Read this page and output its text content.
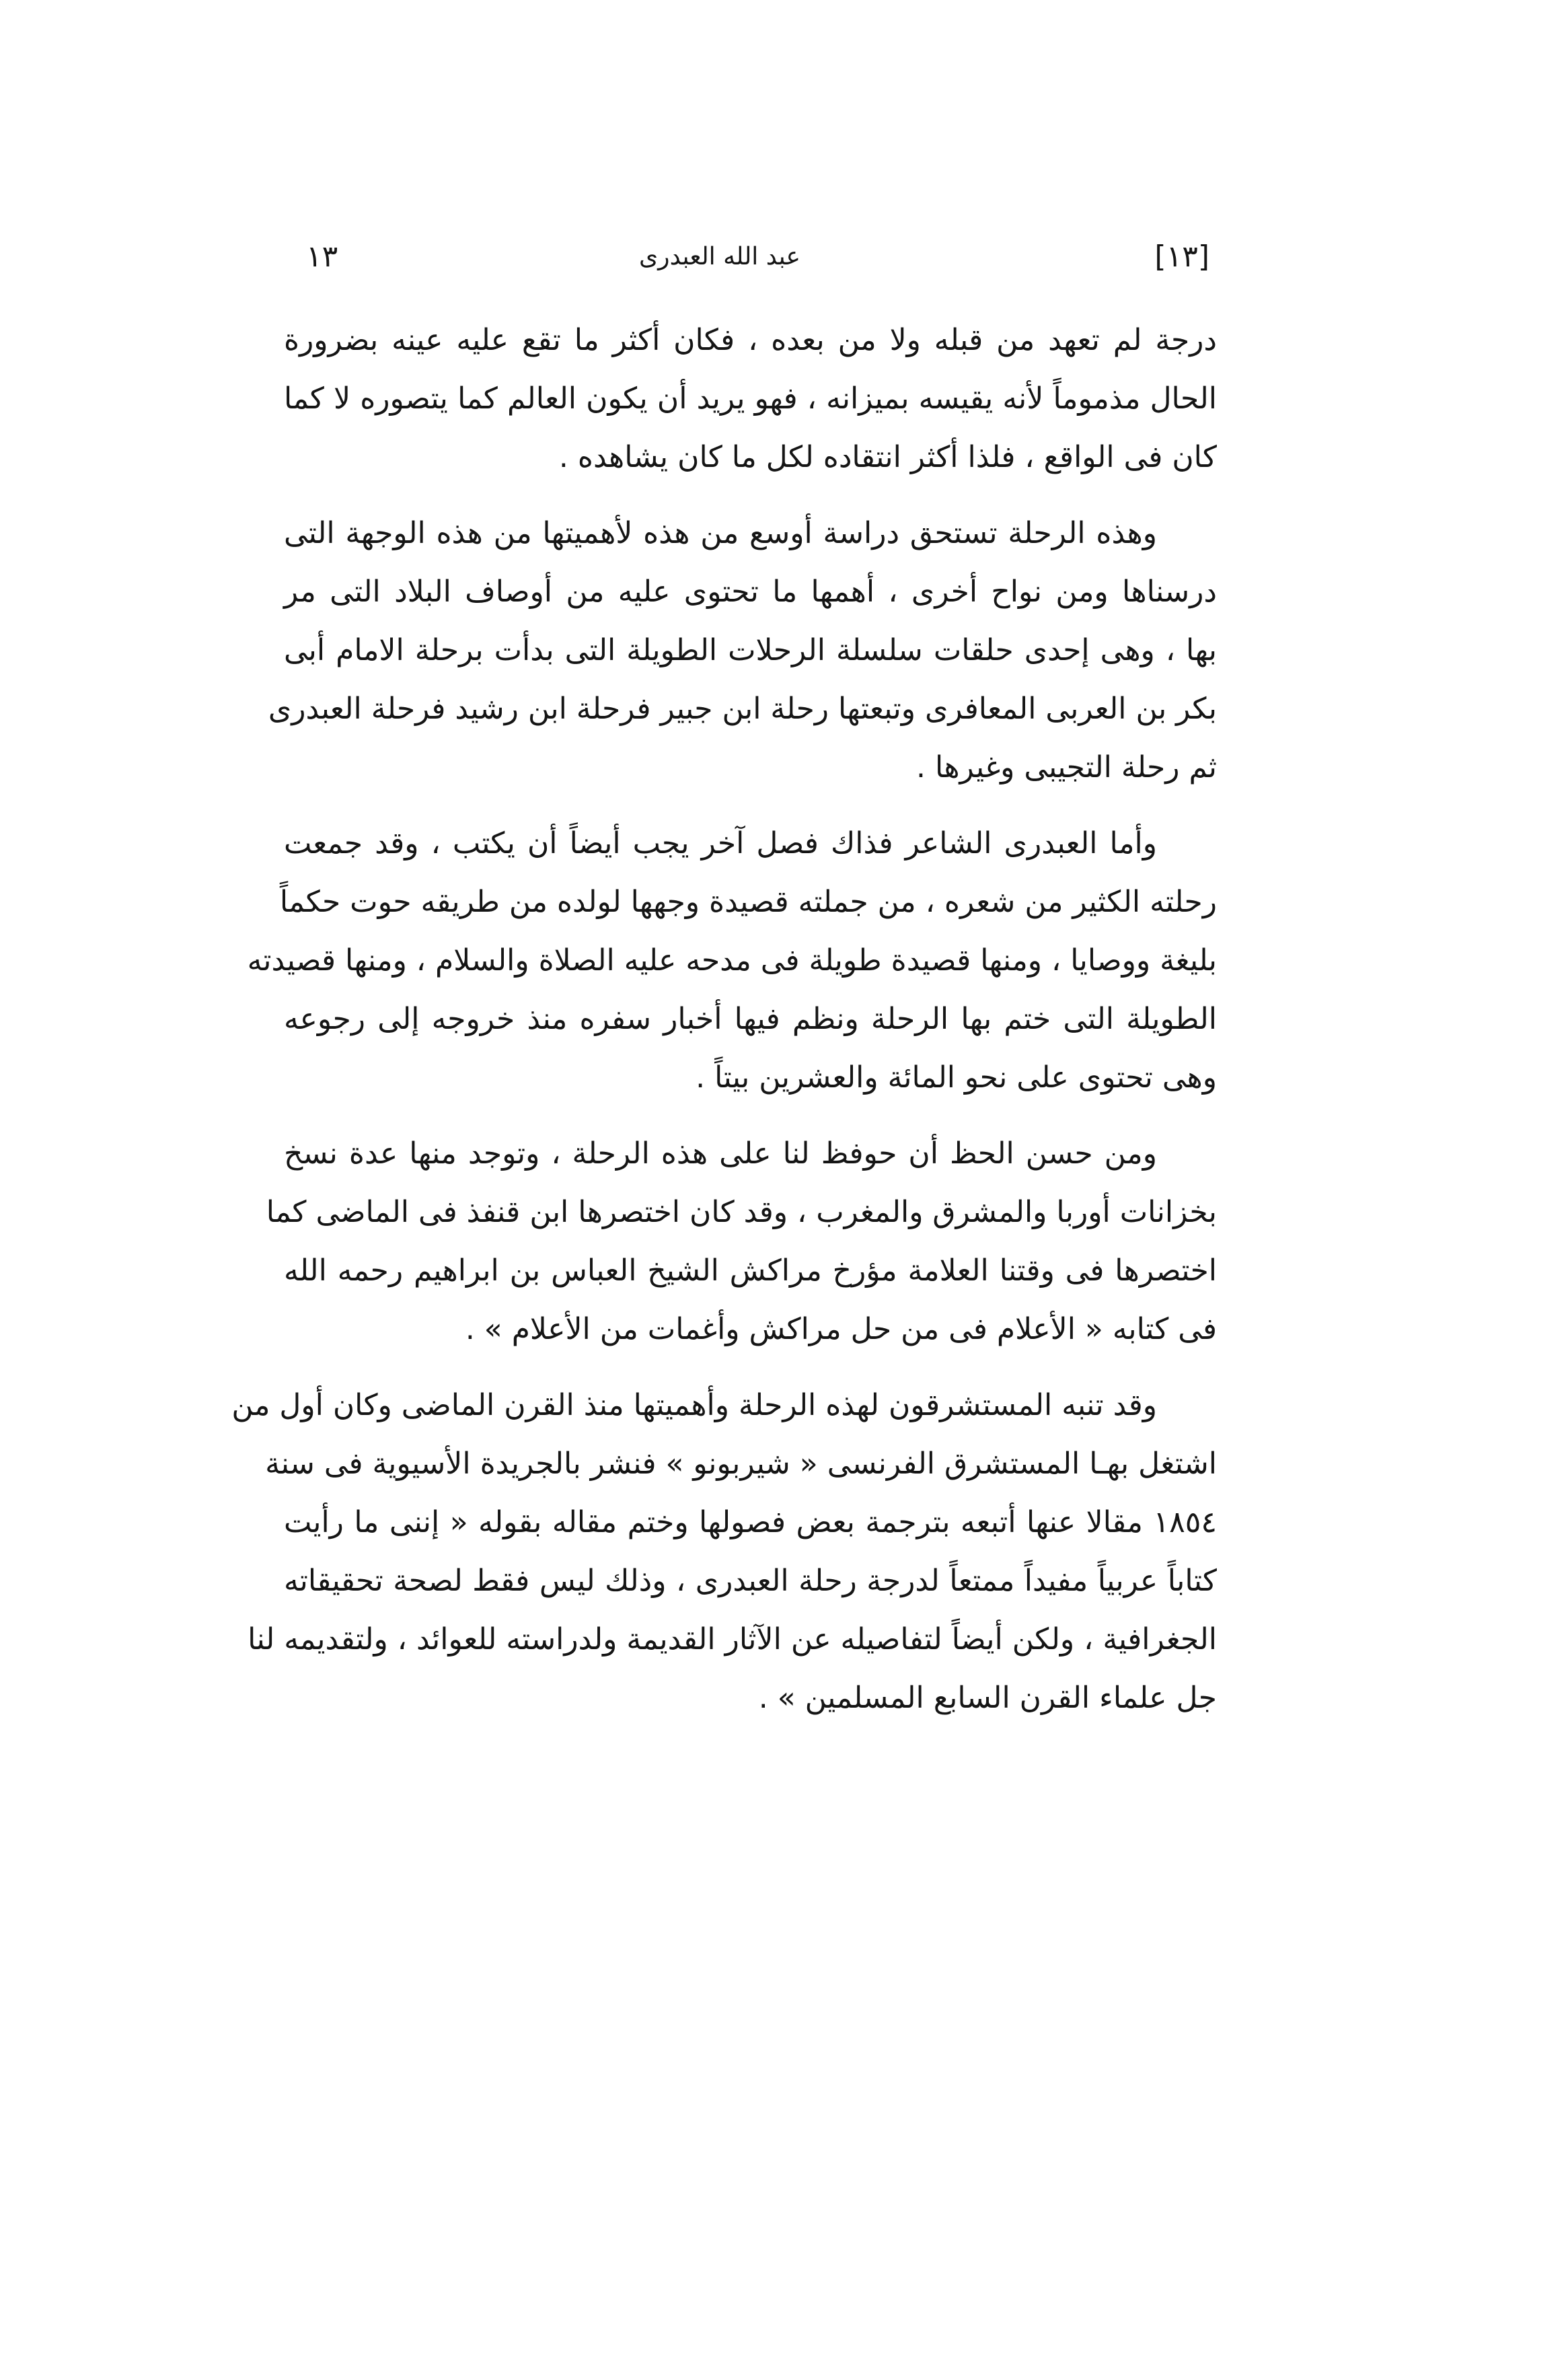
[١٣]
عبد الله العبدرى
١٣
درجة لم تعهد من قبله ولا من بعده ، فكان أكثر ما تقع عليه عينه بضرورة
الحال مذموماً لأنه يقيسه بميزانه ، فهو يريد أن يكون العالم كما يتصوره لا كما
كان فى الواقع ، فلذا أكثر انتقاده لكل ما كان يشاهده .
وهذه الرحلة تستحق دراسة أوسع من هذه لأهميتها من هذه الوجهة التى
درسناها ومن نواح أخرى ، أهمها ما تحتوى عليه من أوصاف البلاد التى مر
بها ، وهى إحدى حلقات سلسلة الرحلات الطويلة التى بدأت برحلة الامام أبى
بكر بن العربى المعافرى وتبعتها رحلة ابن جبير فرحلة ابن رشيد فرحلة العبدرى
ثم رحلة التجيبى وغيرها .
وأما العبدرى الشاعر فذاك فصل آخر يجب أيضاً أن يكتب ، وقد جمعت
رحلته الكثير من شعره ، من جملته قصيدة وجهها لولده من طريقه حوت حكماً
بليغة ووصايا ، ومنها قصيدة طويلة فى مدحه عليه الصلاة والسلام ، ومنها قصيدته
الطويلة التى ختم بها الرحلة ونظم فيها أخبار سفره منذ خروجه إلى رجوعه
وهى تحتوى على نحو المائة والعشرين بيتاً .
ومن حسن الحظ أن حوفظ لنا على هذه الرحلة ، وتوجد منها عدة نسخ
بخزانات أوربا والمشرق والمغرب ، وقد كان اختصرها ابن قنفذ فى الماضى كما
اختصرها فى وقتنا العلامة مؤرخ مراكش الشيخ العباس بن ابراهيم رحمه الله
فى كتابه « الأعلام فى من حل مراكش وأغمات من الأعلام » .
وقد تنبه المستشرقون لهذه الرحلة وأهميتها منذ القرن الماضى وكان أول من
اشتغل بهـا المستشرق الفرنسى « شيربونو » فنشر بالجريدة الأسيوية فى سنة
١٨٥٤ مقالا عنها أتبعه بترجمة بعض فصولها وختم مقاله بقوله « إننى ما رأيت
كتاباً عربياً مفيداً ممتعاً لدرجة رحلة العبدرى ، وذلك ليس فقط لصحة تحقيقاته
الجغرافية ، ولكن أيضاً لتفاصيله عن الآثار القديمة ولدراسته للعوائد ، ولتقديمه لنا
جل علماء القرن السابع المسلمين » .
